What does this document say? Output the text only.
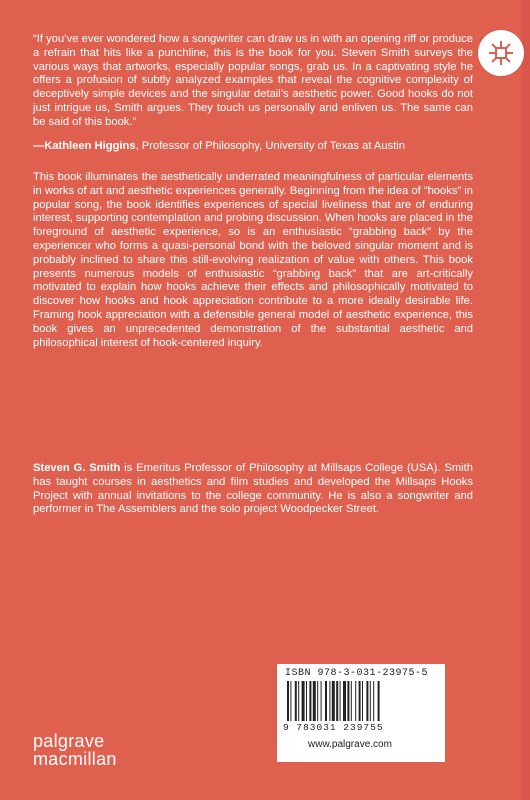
“If you’ve ever wondered how a songwriter can draw us in with an opening riff or produce a refrain that hits like a punchline, this is the book for you. Steven Smith surveys the various ways that artworks, especially popular songs, grab us. In a captivating style he offers a profusion of subtly analyzed examples that reveal the cognitive complexity of deceptively simple devices and the singular detail’s aesthetic power. Good hooks do not just intrigue us, Smith argues. They touch us personally and enliven us. The same can be said of this book.”
—Kathleen Higgins, Professor of Philosophy, University of Texas at Austin
This book illuminates the aesthetically underrated meaningfulness of particular elements in works of art and aesthetic experiences generally. Beginning from the idea of “hooks” in popular song, the book identifies experiences of special liveliness that are of enduring interest, supporting contemplation and probing discussion. When hooks are placed in the foreground of aesthetic experience, so is an enthusiastic “grabbing back” by the experiencer who forms a quasi-personal bond with the beloved singular moment and is probably inclined to share this still-evolving realization of value with others. This book presents numerous models of enthusiastic “grabbing back” that are art-critically motivated to explain how hooks achieve their effects and philosophically motivated to discover how hooks and hook appreciation contribute to a more ideally desirable life. Framing hook appreciation with a defensible general model of aesthetic experience, this book gives an unprecedented demonstration of the substantial aesthetic and philosophical interest of hook-centered inquiry.
Steven G. Smith is Emeritus Professor of Philosophy at Millsaps College (USA). Smith has taught courses in aesthetics and film studies and developed the Millsaps Hooks Project with annual invitations to the college community. He is also a songwriter and performer in The Assemblers and the solo project Woodpecker Street.
ISBN 978-3-031-23975-5
9 783031 239755
www.palgrave.com
palgrave
macmillan
